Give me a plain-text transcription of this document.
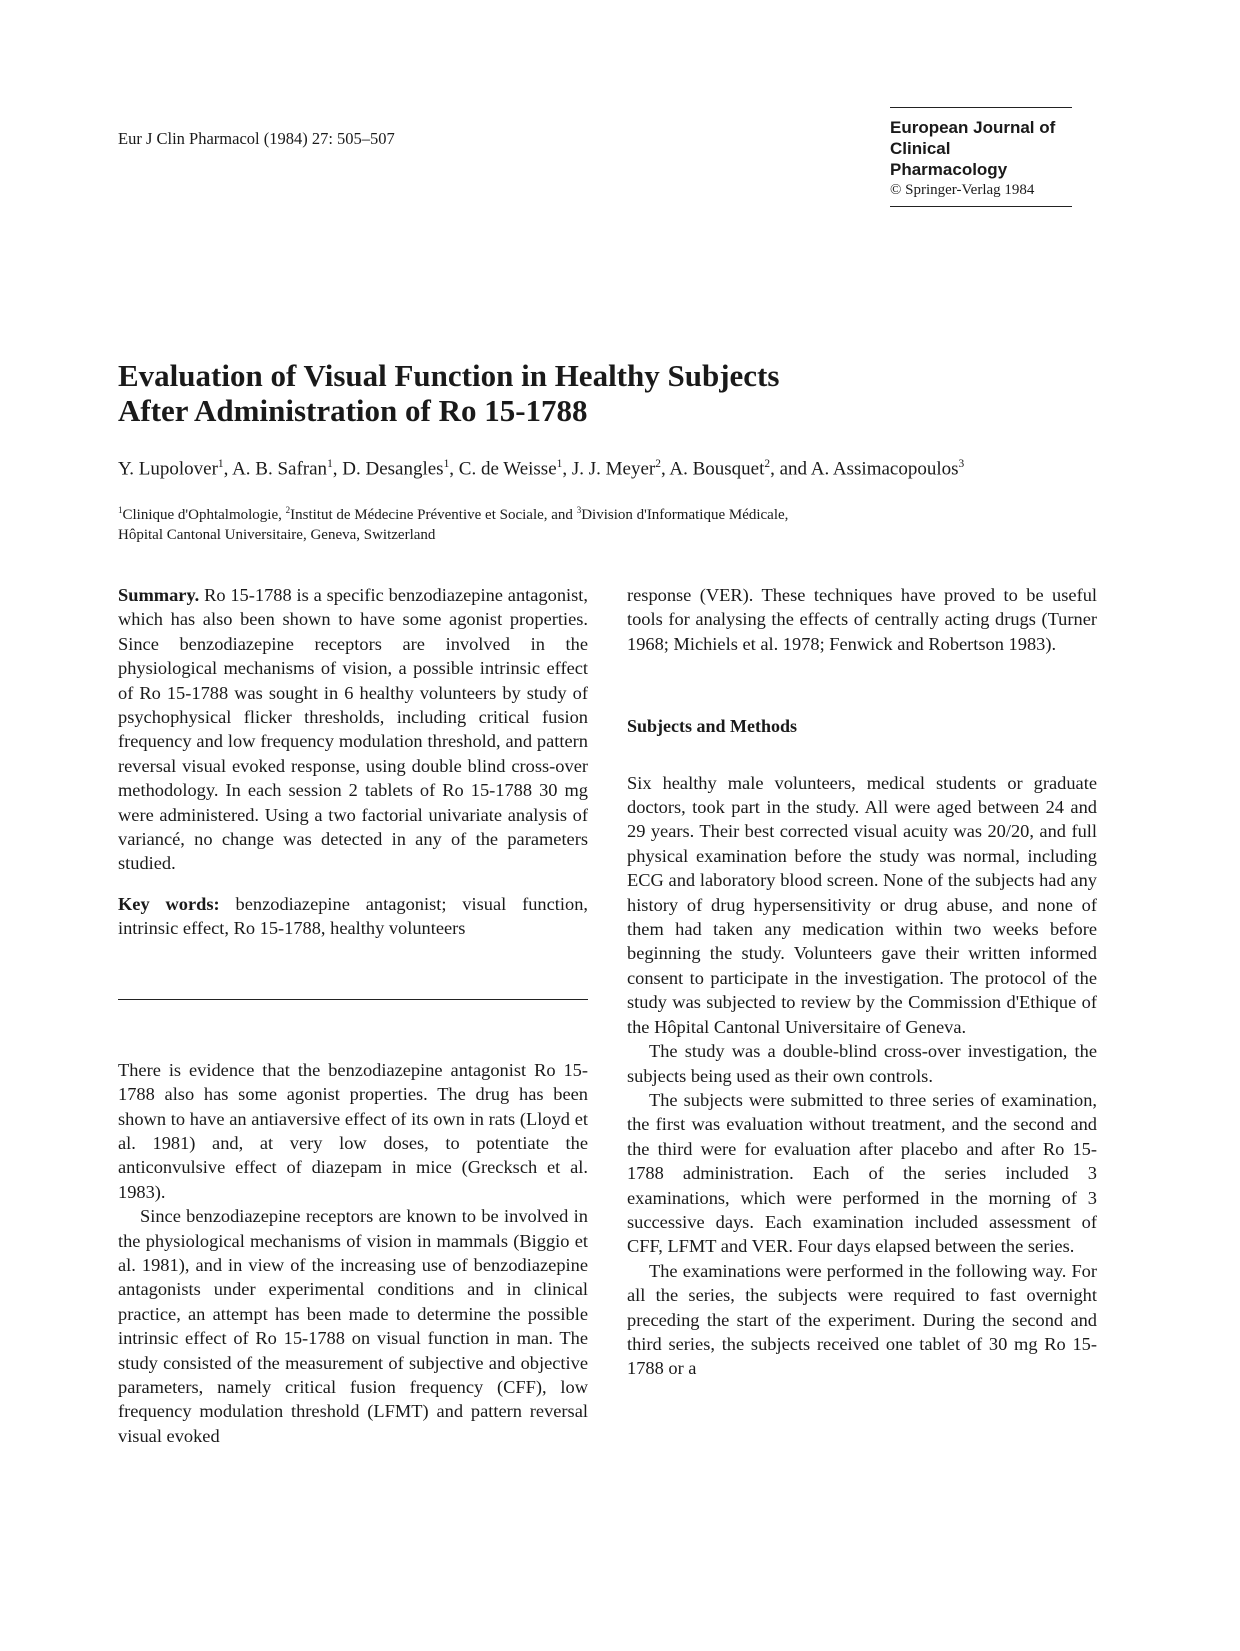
Eur J Clin Pharmacol (1984) 27: 505–507
European Journal of
Clinical Pharmacology
© Springer-Verlag 1984
Evaluation of Visual Function in Healthy Subjects
After Administration of Ro 15-1788
Y. Lupolover$^1$, A. B. Safran$^1$, D. Desangles$^1$, C. de Weisse$^1$, J. J. Meyer$^2$, A. Bousquet$^2$, and A. Assimacopoulos$^3$
$^1$Clinique d'Ophtalmologie, $^2$Institut de Médecine Préventive et Sociale, and $^3$Division d'Informatique Médicale,
Hôpital Cantonal Universitaire, Geneva, Switzerland

Summary. Ro 15-1788 is a specific benzodiazepine antagonist, which has also been shown to have some agonist properties. Since benzodiazepine receptors are involved in the physiological mechanisms of vision, a possible intrinsic effect of Ro 15-1788 was sought in 6 healthy volunteers by study of psychophysical flicker thresholds, including critical fusion frequency and low frequency modulation threshold, and pattern reversal visual evoked response, using double blind cross-over methodology. In each session 2 tablets of Ro 15-1788 30 mg were administered. Using a two factorial univariate analysis of variancé, no change was detected in any of the parameters studied.

Key words: benzodiazepine antagonist; visual function, intrinsic effect, Ro 15-1788, healthy volunteers

There is evidence that the benzodiazepine antagonist Ro 15-1788 also has some agonist properties. The drug has been shown to have an antiaversive effect of its own in rats (Lloyd et al. 1981) and, at very low doses, to potentiate the anticonvulsive effect of diazepam in mice (Grecksch et al. 1983).

Since benzodiazepine receptors are known to be involved in the physiological mechanisms of vision in mammals (Biggio et al. 1981), and in view of the increasing use of benzodiazepine antagonists under experimental conditions and in clinical practice, an attempt has been made to determine the possible intrinsic effect of Ro 15-1788 on visual function in man. The study consisted of the measurement of subjective and objective parameters, namely critical fusion frequency (CFF), low frequency modulation threshold (LFMT) and pattern reversal visual evoked

response (VER). These techniques have proved to be useful tools for analysing the effects of centrally acting drugs (Turner 1968; Michiels et al. 1978; Fenwick and Robertson 1983).

Subjects and Methods

Six healthy male volunteers, medical students or graduate doctors, took part in the study. All were aged between 24 and 29 years. Their best corrected visual acuity was 20/20, and full physical examination before the study was normal, including ECG and laboratory blood screen. None of the subjects had any history of drug hypersensitivity or drug abuse, and none of them had taken any medication within two weeks before beginning the study. Volunteers gave their written informed consent to participate in the investigation. The protocol of the study was subjected to review by the Commission d'Ethique of the Hôpital Cantonal Universitaire of Geneva.

The study was a double-blind cross-over investigation, the subjects being used as their own controls.

The subjects were submitted to three series of examination, the first was evaluation without treatment, and the second and the third were for evaluation after placebo and after Ro 15-1788 administration. Each of the series included 3 examinations, which were performed in the morning of 3 successive days. Each examination included assessment of CFF, LFMT and VER. Four days elapsed between the series.

The examinations were performed in the following way. For all the series, the subjects were required to fast overnight preceding the start of the experiment. During the second and third series, the subjects received one tablet of 30 mg Ro 15-1788 or a
